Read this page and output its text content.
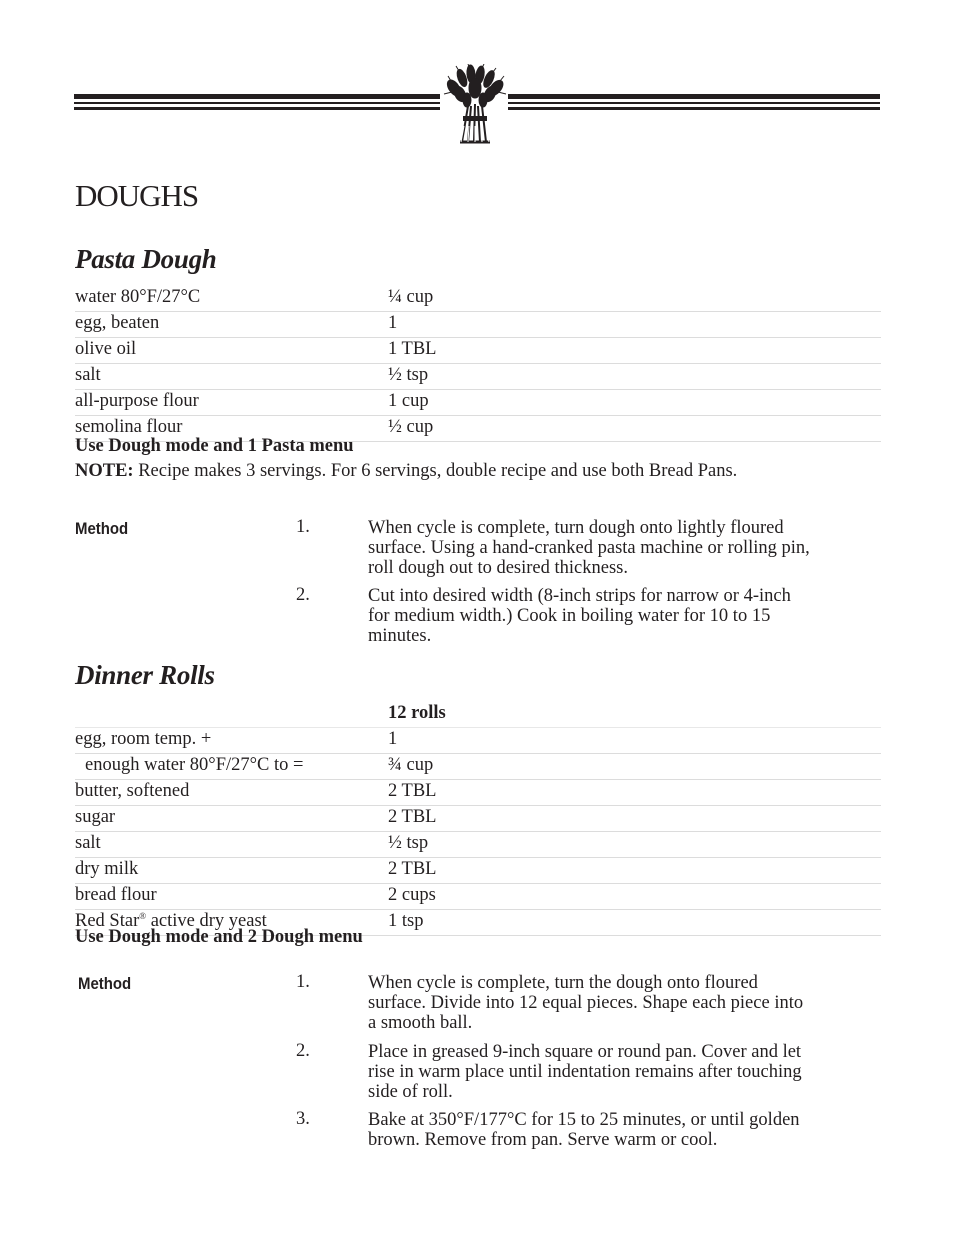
DOUGHS
Pasta Dough
water 80°F/27°C	¼ cup
egg, beaten	1
olive oil	1 TBL
salt	½ tsp
all-purpose flour	1 cup
semolina flour	½ cup
Use Dough mode and 1 Pasta menu
NOTE: Recipe makes 3 servings. For 6 servings, double recipe and use both Bread Pans.
Method	1.	When cycle is complete, turn dough onto lightly floured surface. Using a hand-cranked pasta machine or rolling pin, roll dough out to desired thickness.
2.	Cut into desired width (8-inch strips for narrow or 4-inch for medium width.) Cook in boiling water for 10 to 15 minutes.
Dinner Rolls
12 rolls
egg, room temp. +	1
enough water 80°F/27°C to =	¾ cup
butter, softened	2 TBL
sugar	2 TBL
salt	½ tsp
dry milk	2 TBL
bread flour	2 cups
Red Star® active dry yeast	1 tsp
Use Dough mode and 2 Dough menu
Method	1.	When cycle is complete, turn the dough onto floured surface. Divide into 12 equal pieces. Shape each piece into a smooth ball.
2.	Place in greased 9-inch square or round pan. Cover and let rise in warm place until indentation remains after touching side of roll.
3.	Bake at 350°F/177°C for 15 to 25 minutes, or until golden brown. Remove from pan. Serve warm or cool.
